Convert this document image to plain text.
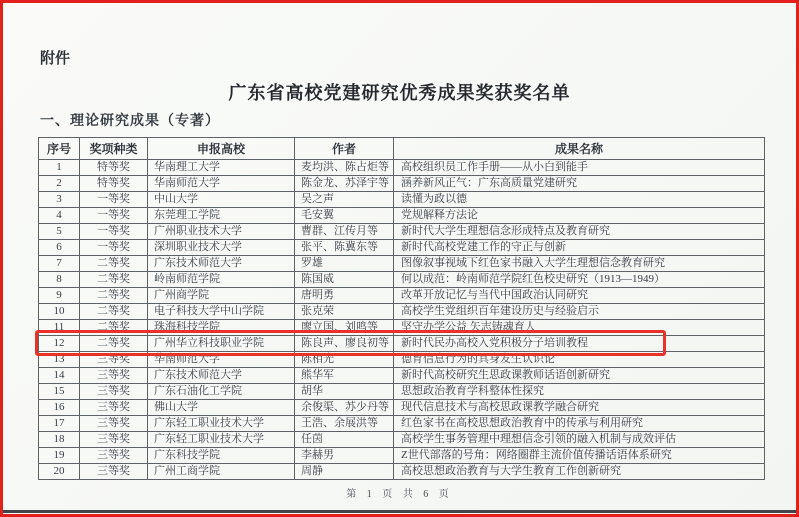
附件
广东省高校党建研究优秀成果奖获奖名单
一、理论研究成果（专著）
序号	奖项种类	申报高校	作者	成果名称
1	特等奖	华南理工大学	麦均洪、陈占炬等	高校组织员工作手册——从小白到能手
2	特等奖	华南师范大学	陈金龙、苏泽宇等	涵养新风正气：广东高质量党建研究
3	一等奖	中山大学	吴之声	读懂为政以德
4	一等奖	东莞理工学院	毛安翼	党规解释方法论
5	一等奖	广州职业技术大学	曹群、江传月等	新时代大学生理想信念形成特点及教育研究
6	一等奖	深圳职业技术大学	张平、陈冀东等	新时代高校党建工作的守正与创新
7	二等奖	广东技术师范大学	罗雄	图像叙事视域下红色家书融入大学生理想信念教育研究
8	二等奖	岭南师范学院	陈国威	何以成范：岭南师范学院红色校史研究（1913—1949）
9	二等奖	广州商学院	唐明勇	改革开放记忆与当代中国政治认同研究
10	二等奖	电子科技大学中山学院	张克荣	高校学生党组织百年建设历史与经验启示
11	二等奖	珠海科技学院	廖立国、刘鸣等	坚守办学公益 矢志铸魂育人
12	二等奖	广州华立科技职业学院	陈良声、廖良初等	新时代民办高校入党积极分子培训教程
13	三等奖	华南师范大学	陈相光	德育信息行为的具身发生认识论
14	三等奖	广东技术师范大学	熊华军	新时代高校研究生思政课教师话语创新研究
15	三等奖	广东石油化工学院	胡华	思想政治教育学科整体性探究
16	三等奖	佛山大学	余俊渠、苏少丹等	现代信息技术与高校思政课教学融合研究
17	三等奖	广东轻工职业技术大学	王浩、余展洪等	红色家书在高校思想政治教育中的传承与利用研究
18	三等奖	广东轻工职业技术大学	任茵	高校学生事务管理中理想信念引领的融入机制与成效评估
19	三等奖	广东科技学院	李赫男	Z世代部落的号角：网络圈群主流价值传播话语体系研究
20	三等奖	广州工商学院	周静	高校思想政治教育与大学生教育工作创新研究
第 1 页 共 6 页
